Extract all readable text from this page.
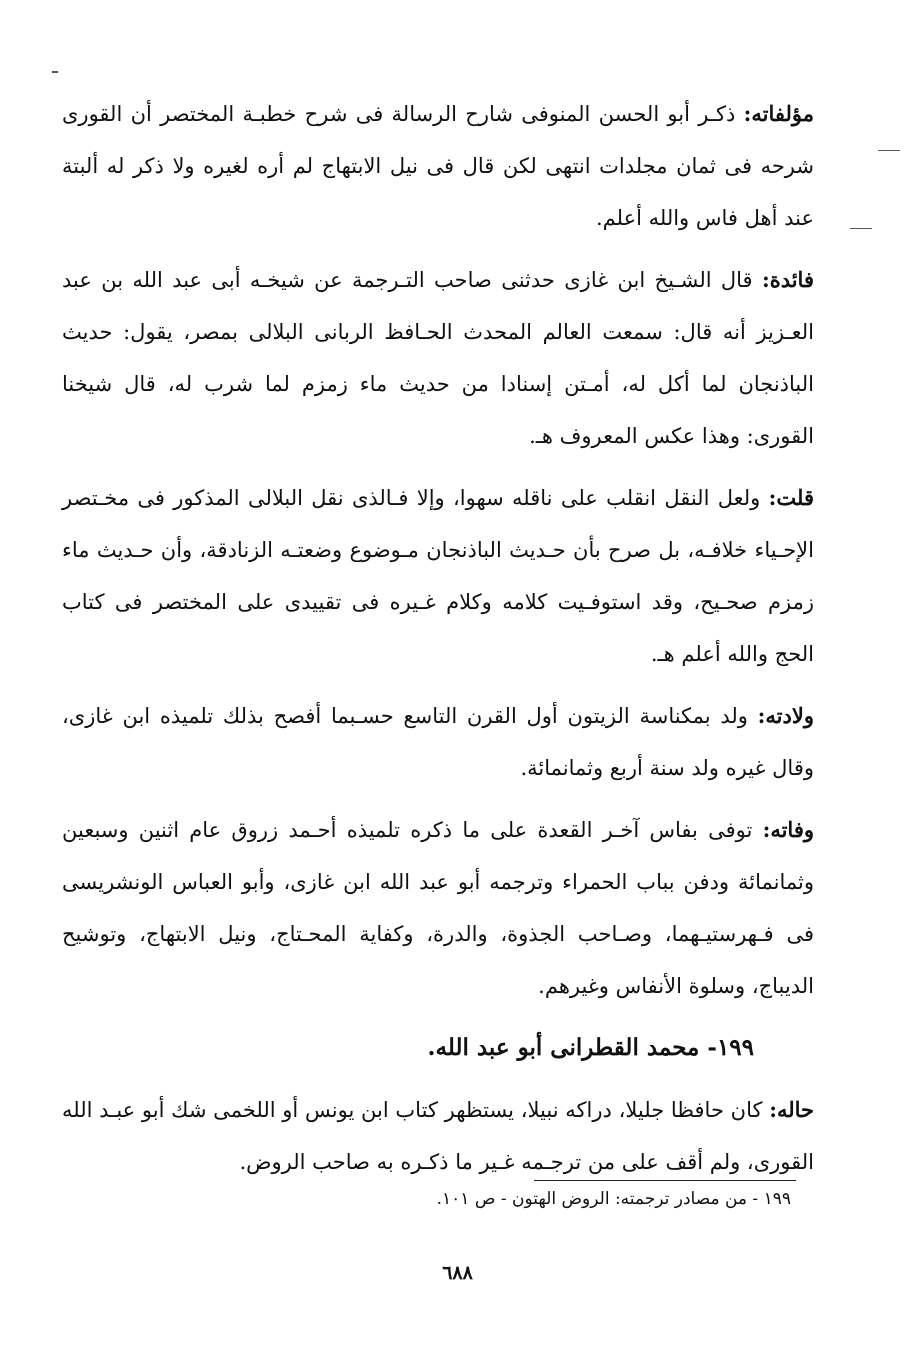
مؤلفاته: ذكـر أبو الحسن المنوفى شارح الرسالة فى شرح خطبـة المختصر أن القورى شرحه فى ثمان مجلدات انتهى لكن قال فى نيل الابتهاج لم أره لغيره ولا ذكر له ألبتة عند أهل فاس والله أعلم.

فائدة: قال الشـيخ ابن غازى حدثنى صاحب التـرجمة عن شيخـه أبى عبد الله بن عبد العـزيز أنه قال: سمعت العالم المحدث الحـافظ الربانى البلالى بمصر، يقول: حديث الباذنجان لما أكل له، أمـتن إسنادا من حديث ماء زمزم لما شرب له، قال شيخنا القورى: وهذا عكس المعروف هـ.

قلت: ولعل النقل انقلب على ناقله سهوا، وإلا فـالذى نقل البلالى المذكور فى مخـتصر الإحـياء خلافـه، بل صرح بأن حـديث الباذنجان مـوضوع وضعتـه الزنادقة، وأن حـديث ماء زمزم صحـيح، وقد استوفـيت كلامه وكلام غـيره فى تقييدى على المختصر فى كتاب الحج والله أعلم هـ.

ولادته: ولد بمكناسة الزيتون أول القرن التاسع حسـبما أفصح بذلك تلميذه ابن غازى، وقال غيره ولد سنة أربع وثمانمائة.

وفاته: توفى بفاس آخـر القعدة على ما ذكره تلميذه أحـمد زروق عام اثنين وسبعين وثمانمائة ودفن بباب الحمراء وترجمه أبو عبد الله ابن غازى، وأبو العباس الونشريسى فى فـهرستيـهما، وصـاحب الجذوة، والدرة، وكفاية المحـتاج، ونيل الابتهاج، وتوشيح الديباج، وسلوة الأنفاس وغيرهم.

١٩٩- محمد القطرانى أبو عبد الله.

حاله: كان حافظا جليلا، دراكه نبيلا، يستظهر كتاب ابن يونس أو اللخمى شك أبو عبـد الله القورى، ولم أقف على من ترجـمه غـير ما ذكـره به صاحب الروض.

١٩٩ - من مصادر ترجمته: الروض الهتون - ص ١٠١.
٦٨٨
